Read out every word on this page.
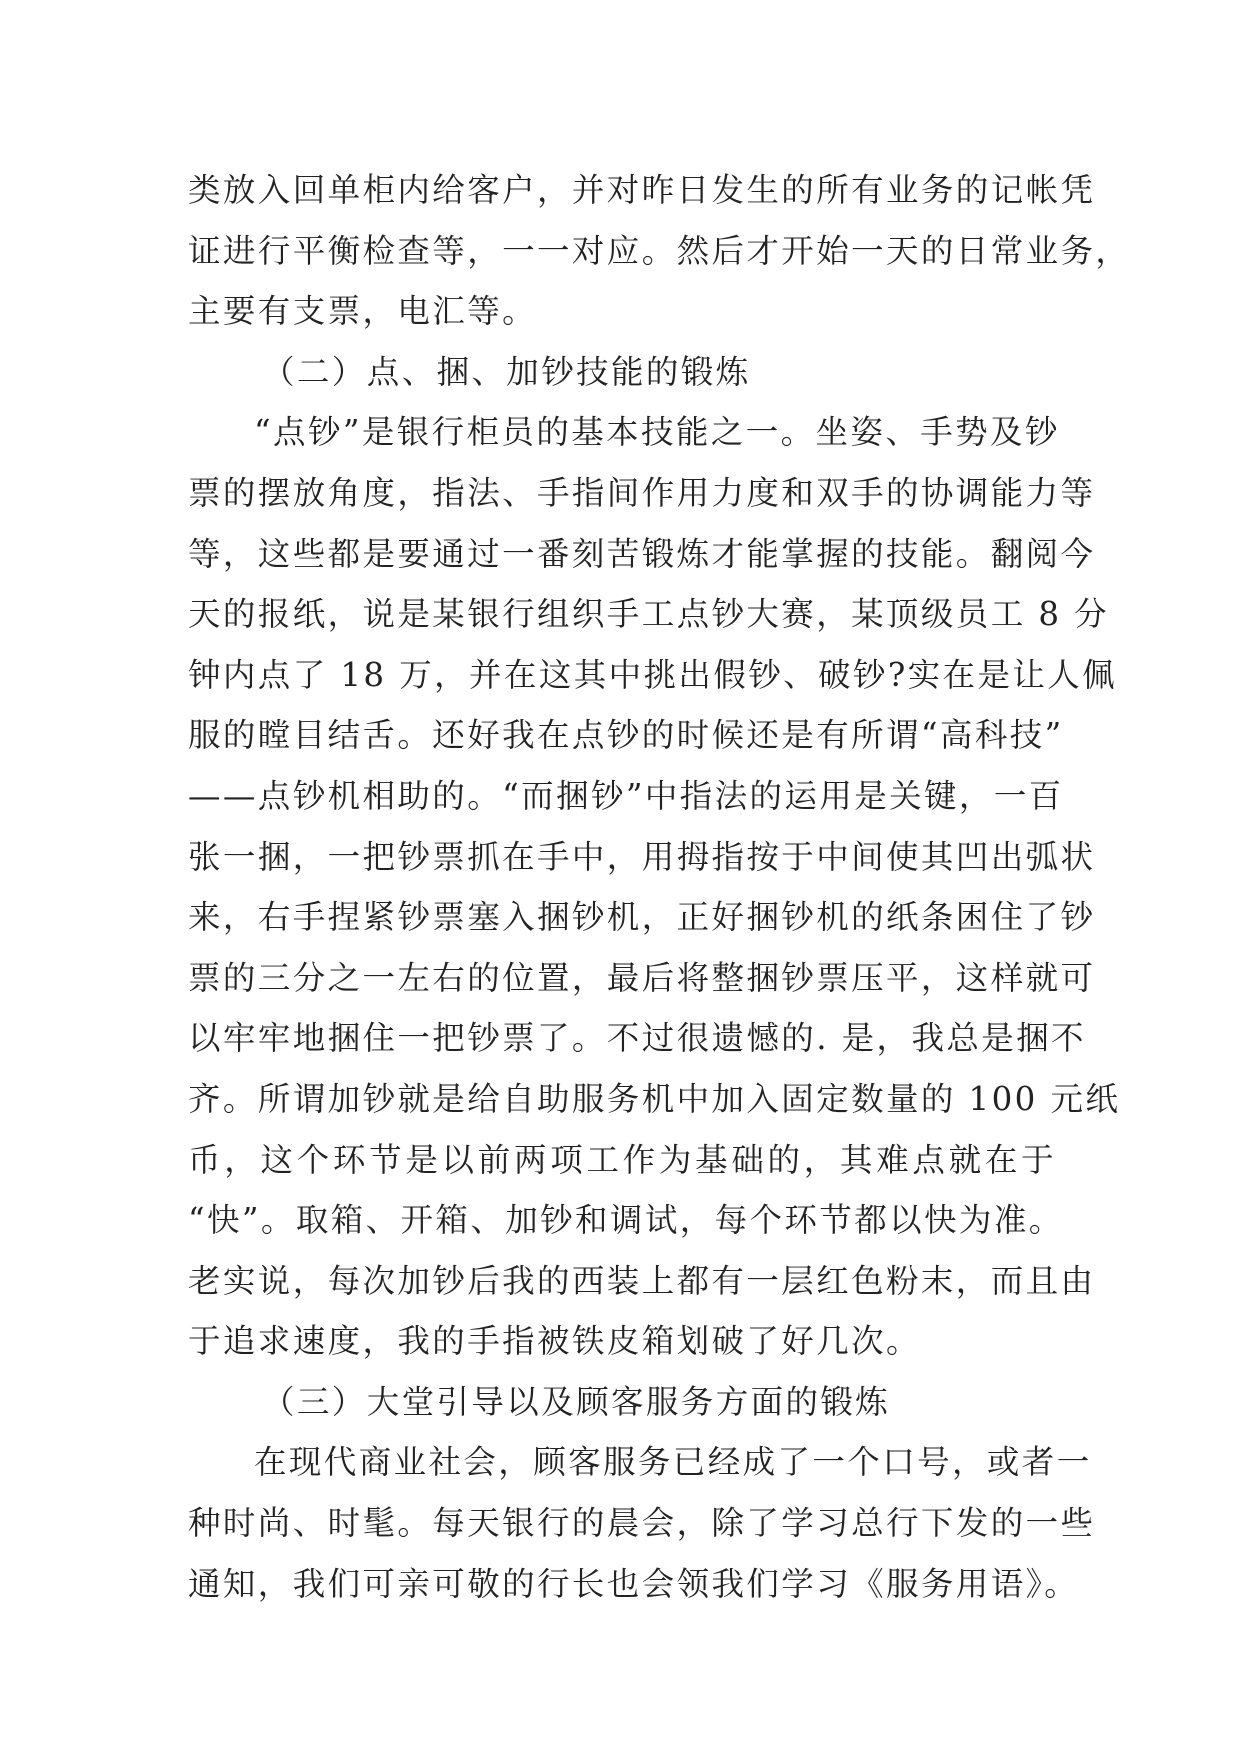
类放入回单柜内给客户，并对昨日发生的所有业务的记帐凭
证进行平衡检查等，一一对应。然后才开始一天的日常业务，
主要有支票，电汇等。
（二）点、捆、加钞技能的锻炼
“点钞”是银行柜员的基本技能之一。坐姿、手势及钞
票的摆放角度，指法、手指间作用力度和双手的协调能力等
等，这些都是要通过一番刻苦锻炼才能掌握的技能。翻阅今
天的报纸，说是某银行组织手工点钞大赛，某顶级员工 8 分
钟内点了 18 万，并在这其中挑出假钞、破钞?实在是让人佩
服的瞠目结舌。还好我在点钞的时候还是有所谓“高科技”
——点钞机相助的。“而捆钞”中指法的运用是关键，一百
张一捆，一把钞票抓在手中，用拇指按于中间使其凹出弧状
来，右手捏紧钞票塞入捆钞机，正好捆钞机的纸条困住了钞
票的三分之一左右的位置，最后将整捆钞票压平，这样就可
以牢牢地捆住一把钞票了。不过很遗憾的. 是，我总是捆不
齐。所谓加钞就是给自助服务机中加入固定数量的 100 元纸
币，这个环节是以前两项工作为基础的，其难点就在于
“快”。取箱、开箱、加钞和调试，每个环节都以快为准。
老实说，每次加钞后我的西装上都有一层红色粉末，而且由
于追求速度，我的手指被铁皮箱划破了好几次。
（三）大堂引导以及顾客服务方面的锻炼
在现代商业社会，顾客服务已经成了一个口号，或者一
种时尚、时髦。每天银行的晨会，除了学习总行下发的一些
通知，我们可亲可敬的行长也会领我们学习《服务用语》。
